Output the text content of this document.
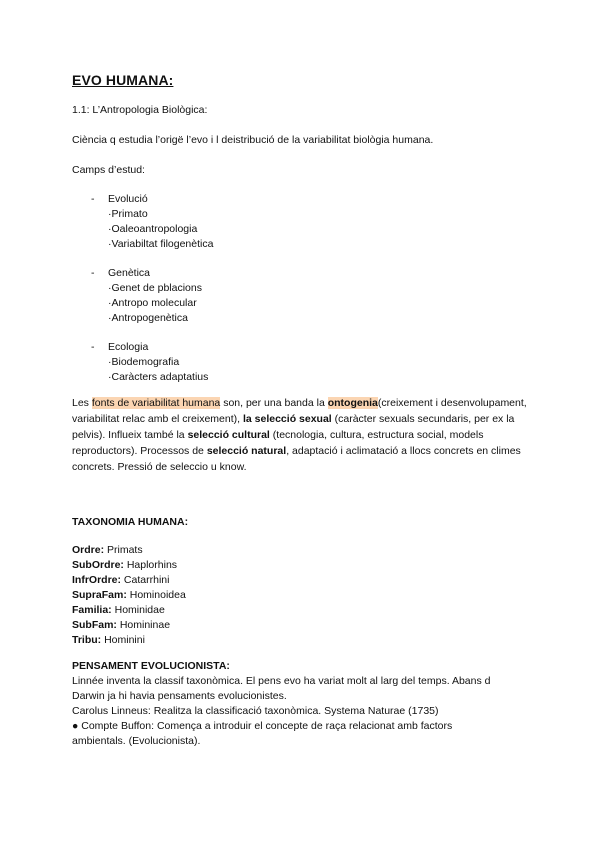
EVO HUMANA:
1.1: L’Antropologia Biològica:
Ciència q estudia l’origë l’evo i l deistribució de la variabilitat biològia humana.
Camps d’estud:
- Evolució
·Primato
·Oaleoantropologia
·Variabiltat filogenètica
- Genètica
·Genet de pblacions
·Antropo molecular
·Antropogenètica
- Ecologia
·Biodemografia
·Caràcters adaptatius
Les fonts de variabilitat humana son, per una banda la ontogenia(creixement i desenvolupament, variabilitat relac amb el creixement), la selecció sexual (caràcter sexuals secundaris, per ex la pelvis). Influeix també la selecció cultural (tecnologia, cultura, estructura social, models reproductors). Processos de selecció natural, adaptació i aclimatació a llocs concrets en climes concrets. Pressió de seleccio u know.
TAXONOMIA HUMANA:
Ordre: Primats
SubOrdre: Haplorhins
InfrOrdre: Catarrhini
SupraFam: Hominoidea
Familia: Hominidae
SubFam: Homininae
Tribu: Hominini
PENSAMENT EVOLUCIONISTA:
Linnée inventa la classif taxonòmica. El pens evo ha variat molt al larg del temps. Abans d
Darwin ja hi havia pensaments evolucionistes.
Carolus Linneus: Realitza la classificació taxonòmica. Systema Naturae (1735)
● Compte Buffon: Comença a introduir el concepte de raça relacionat amb factors
ambientals. (Evolucionista).
